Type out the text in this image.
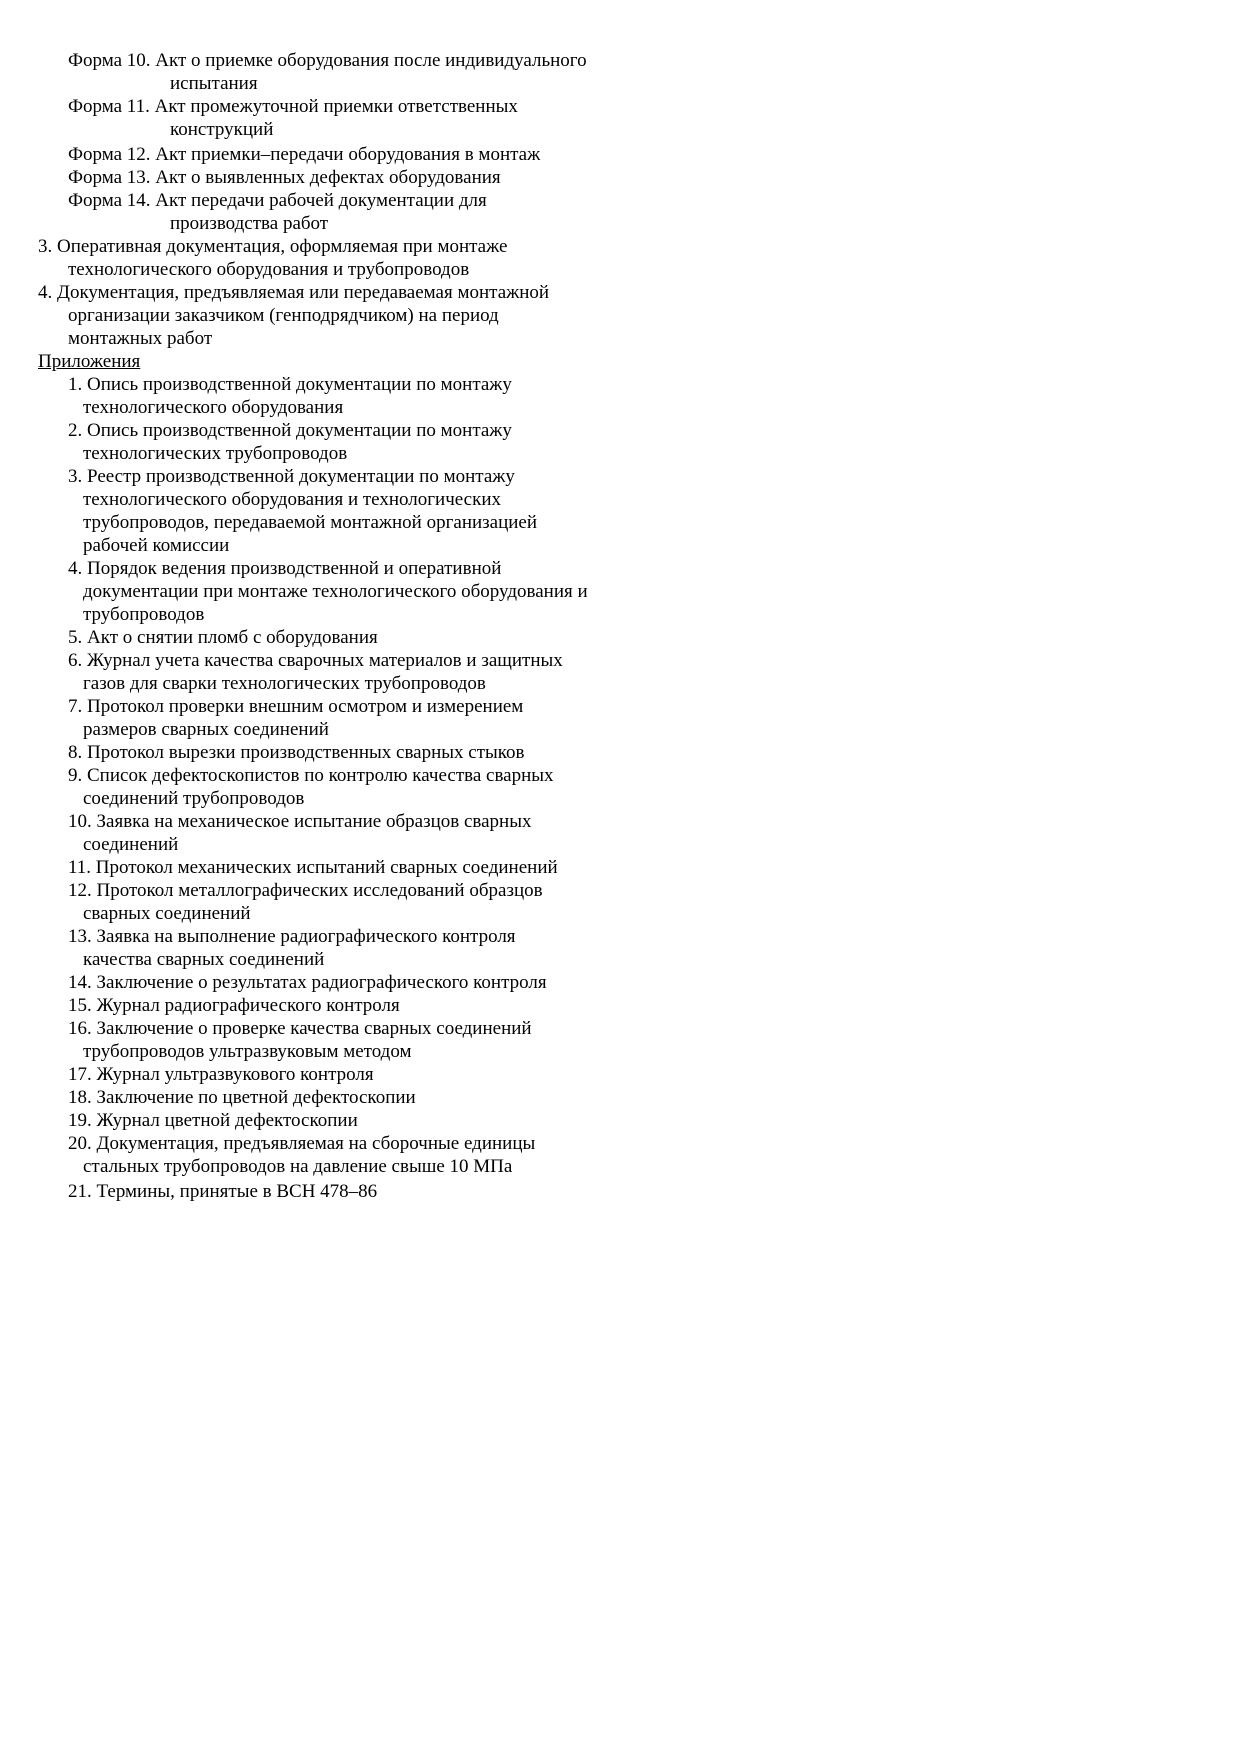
Форма 10. Акт о приемке оборудования после индивидуального
испытания
Форма 11. Акт промежуточной приемки ответственных
конструкций
Форма 12. Акт приемки–передачи оборудования в монтаж
Форма 13. Акт о выявленных дефектах оборудования
Форма 14. Акт передачи рабочей документации для
производства работ
3. Оперативная документация, оформляемая при монтаже
технологического оборудования и трубопроводов
4. Документация, предъявляемая или передаваемая монтажной
организации заказчиком (генподрядчиком) на период
монтажных работ
Приложения
1. Опись производственной документации по монтажу
технологического оборудования
2. Опись производственной документации по монтажу
технологических трубопроводов
3. Реестр производственной документации по монтажу
технологического оборудования и технологических
трубопроводов, передаваемой монтажной организацией
рабочей комиссии
4. Порядок ведения производственной и оперативной
документации при монтаже технологического оборудования и
трубопроводов
5. Акт о снятии пломб с оборудования
6. Журнал учета качества сварочных материалов и защитных
газов для сварки технологических трубопроводов
7. Протокол проверки внешним осмотром и измерением
размеров сварных соединений
8. Протокол вырезки производственных сварных стыков
9. Список дефектоскопистов по контролю качества сварных
соединений трубопроводов
10. Заявка на механическое испытание образцов сварных
соединений
11. Протокол механических испытаний сварных соединений
12. Протокол металлографических исследований образцов
сварных соединений
13. Заявка на выполнение радиографического контроля
качества сварных соединений
14. Заключение о результатах радиографического контроля
15. Журнал радиографического контроля
16. Заключение о проверке качества сварных соединений
трубопроводов ультразвуковым методом
17. Журнал ультразвукового контроля
18. Заключение по цветной дефектоскопии
19. Журнал цветной дефектоскопии
20. Документация, предъявляемая на сборочные единицы
стальных трубопроводов на давление свыше 10 МПа
21. Термины, принятые в ВСН 478–86
